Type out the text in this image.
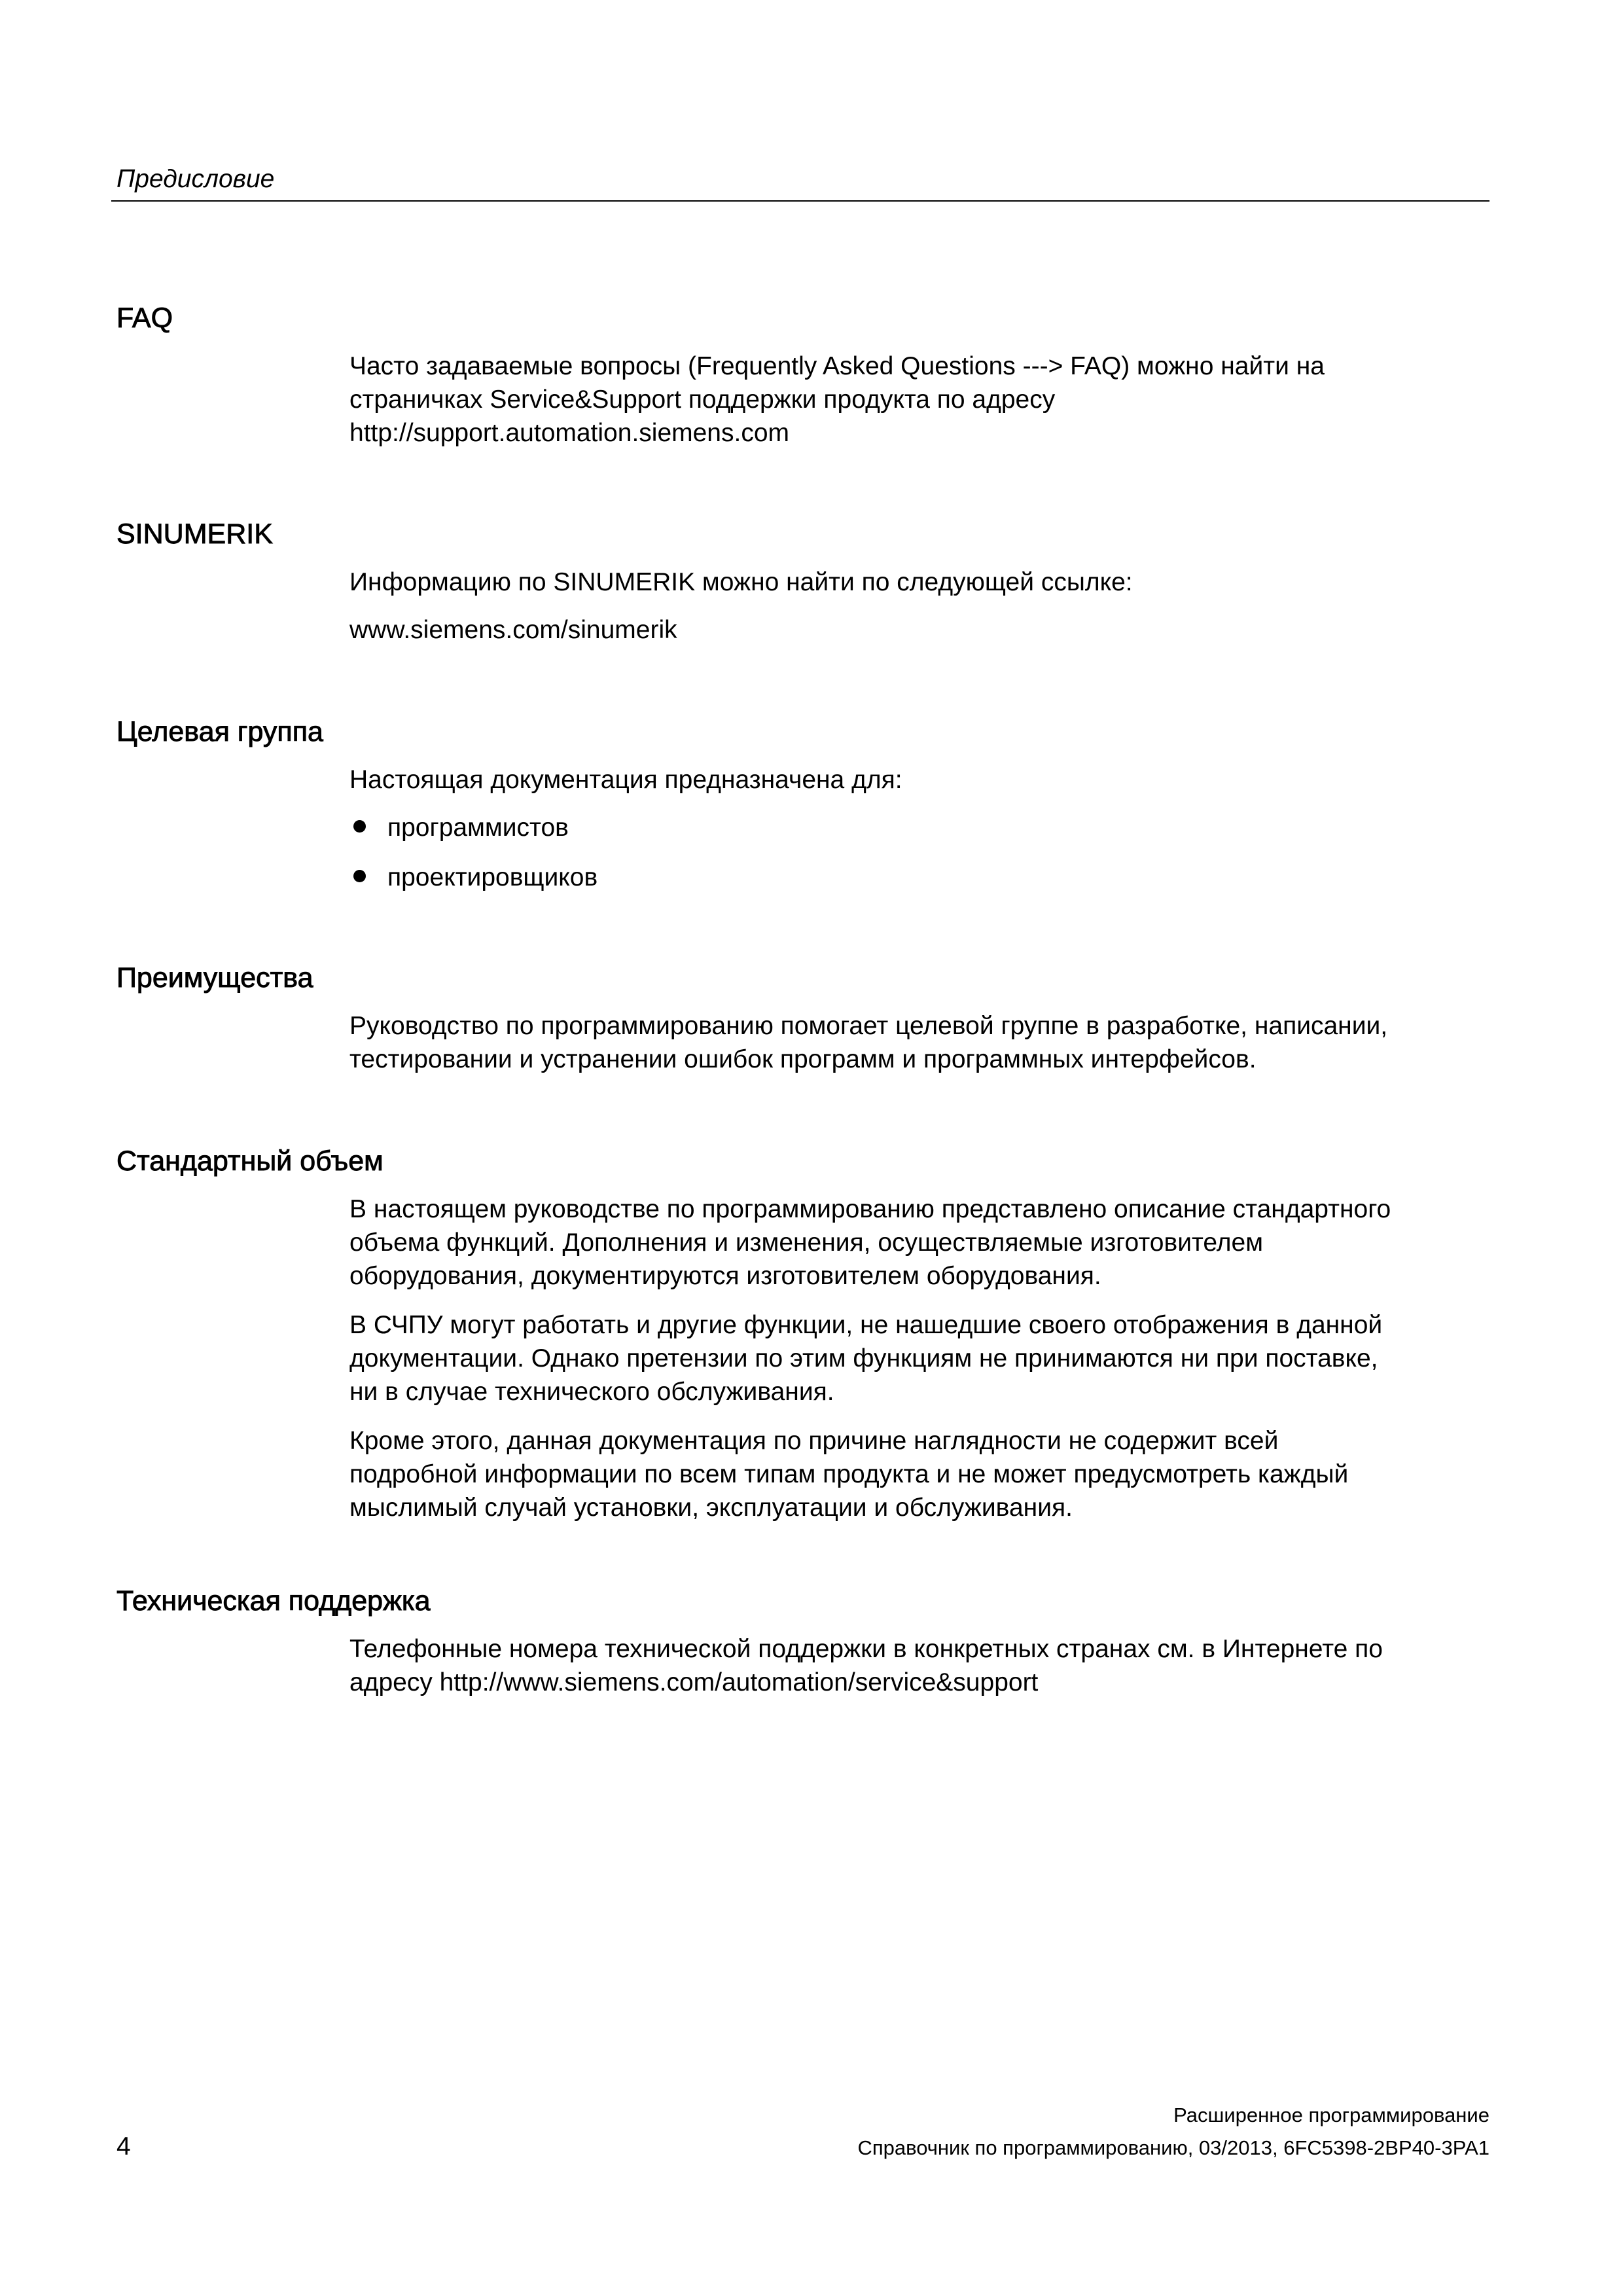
Предисловие
FAQ

Часто задаваемые вопросы (Frequently Asked Questions ---> FAQ) можно найти на

страничках Service&Support поддержки продукта по адресу

http://support.automation.siemens.com

SINUMERIK

Информацию по SINUMERIK можно найти по следующей ссылке:

www.siemens.com/sinumerik

Целевая группа

Настоящая документация предназначена для:

программистов
проектировщиков
Преимущества

Руководство по программированию помогает целевой группе в разработке, написании,

тестировании и устранении ошибок программ и программных интерфейсов.

Стандартный объем

В настоящем руководстве по программированию представлено описание стандартного

объема функций. Дополнения и изменения, осуществляемые изготовителем

оборудования, документируются изготовителем оборудования.

В СЧПУ могут работать и другие функции, не нашедшие своего отображения в данной

документации. Однако претензии по этим функциям не принимаются ни при поставке,

ни в случае технического обслуживания.

Кроме этого, данная документация по причине наглядности не содержит всей

подробной информации по всем типам продукта и не может предусмотреть каждый

мыслимый случай установки, эксплуатации и обслуживания.

Техническая поддержка

Телефонные номера технической поддержки в конкретных странах см. в Интернете по

адресу http://www.siemens.com/automation/service&support

Расширенное программирование
4	Справочник по программированию, 03/2013, 6FC5398-2BP40-3PA1
